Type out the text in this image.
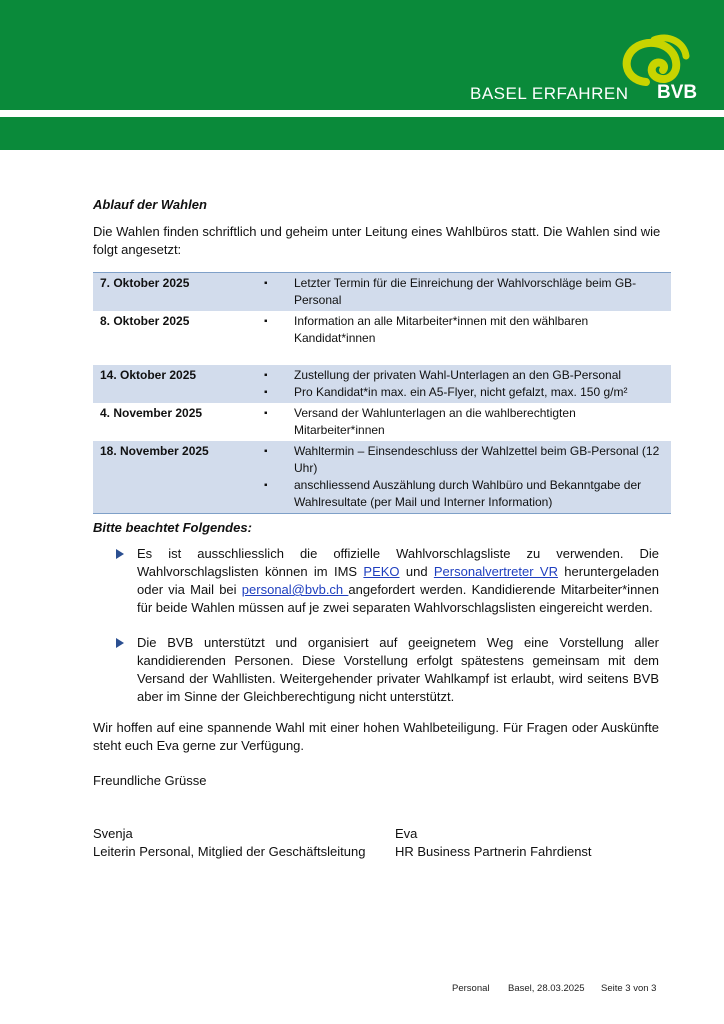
BASEL ERFAHREN BVB

Ablauf der Wahlen

Die Wahlen finden schriftlich und geheim unter Leitung eines Wahlbüros statt. Die Wahlen sind wie folgt angesetzt:

7. Oktober 2025	▪ Letzter Termin für die Einreichung der Wahlvorschläge beim GB-Personal

8. Oktober 2025	▪ Information an alle Mitarbeiter*innen mit den wählbaren Kandidat*innen

14. Oktober 2025	▪ Zustellung der privaten Wahl-Unterlagen an den GB-Personal
▪ Pro Kandidat*in max. ein A5-Flyer, nicht gefalzt, max. 150 g/m²

4. November 2025	▪ Versand der Wahlunterlagen an die wahlberechtigten Mitarbeiter*innen

18. November 2025	▪ Wahltermin – Einsendeschluss der Wahlzettel beim GB-Personal (12 Uhr)
▪ anschliessend Auszählung durch Wahlbüro und Bekanntgabe der Wahlresultate (per Mail und Interner Information)
Bitte beachtet Folgendes:
Es ist ausschliesslich die offizielle Wahlvorschlagsliste zu verwenden. Die Wahlvorschlagslisten können im IMS PEKO und Personalvertreter VR heruntergeladen oder via Mail bei personal@bvb.ch angefordert werden. Kandidierende Mitarbeiter*innen für beide Wahlen müssen auf je zwei separaten Wahlvorschlagslisten eingereicht werden.
Die BVB unterstützt und organisiert auf geeignetem Weg eine Vorstellung aller kandidierenden Personen. Diese Vorstellung erfolgt spätestens gemeinsam mit dem Versand der Wahllisten. Weitergehender privater Wahlkampf ist erlaubt, wird seitens BVB aber im Sinne der Gleichberechtigung nicht unterstützt.

Wir hoffen auf eine spannende Wahl mit einer hohen Wahlbeteiligung. Für Fragen oder Auskünfte steht euch Eva gerne zur Verfügung.

Freundliche Grüsse

Svenja
Leiterin Personal, Mitglied der Geschäftsleitung
Eva
HR Business Partnerin Fahrdienst
Personal Basel, 28.03.2025 Seite 3 von 3
